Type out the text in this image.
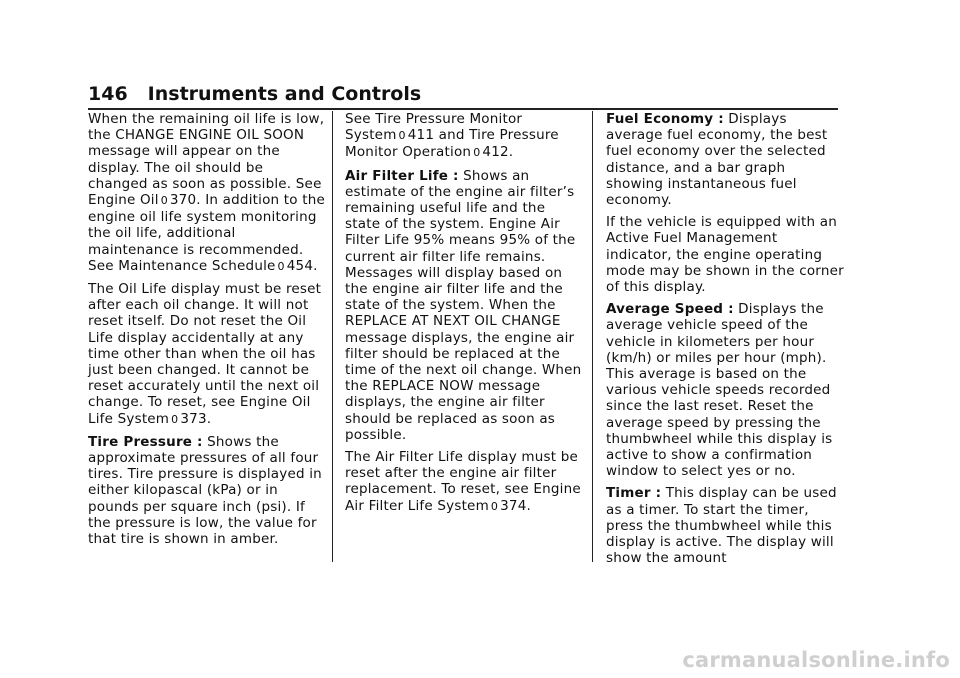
146 Instruments and Controls

When the remaining oil life is low, the CHANGE ENGINE OIL SOON message will appear on the display. The oil should be changed as soon as possible. See Engine Oil 0 370. In addition to the engine oil life system monitoring the oil life, additional maintenance is recommended. See Maintenance Schedule 0 454.

The Oil Life display must be reset after each oil change. It will not reset itself. Do not reset the Oil Life display accidentally at any time other than when the oil has just been changed. It cannot be reset accurately until the next oil change. To reset, see Engine Oil Life System 0 373.

Tire Pressure : Shows the approximate pressures of all four tires. Tire pressure is displayed in either kilopascal (kPa) or in pounds per square inch (psi). If the pressure is low, the value for that tire is shown in amber.

See Tire Pressure Monitor System 0 411 and Tire Pressure Monitor Operation 0 412.

Air Filter Life : Shows an estimate of the engine air filter’s remaining useful life and the state of the system. Engine Air Filter Life 95% means 95% of the current air filter life remains. Messages will display based on the engine air filter life and the state of the system. When the REPLACE AT NEXT OIL CHANGE message displays, the engine air filter should be replaced at the time of the next oil change. When the REPLACE NOW message displays, the engine air filter should be replaced as soon as possible.

The Air Filter Life display must be reset after the engine air filter replacement. To reset, see Engine Air Filter Life System 0 374.

Fuel Economy : Displays average fuel economy, the best fuel economy over the selected distance, and a bar graph showing instantaneous fuel economy.

If the vehicle is equipped with an Active Fuel Management indicator, the engine operating mode may be shown in the corner of this display.

Average Speed : Displays the average vehicle speed of the vehicle in kilometers per hour (km/h) or miles per hour (mph). This average is based on the various vehicle speeds recorded since the last reset. Reset the average speed by pressing the thumbwheel while this display is active to show a confirmation window to select yes or no.

Timer : This display can be used as a timer. To start the timer, press the thumbwheel while this display is active. The display will show the amount

carmanualsonline.info
